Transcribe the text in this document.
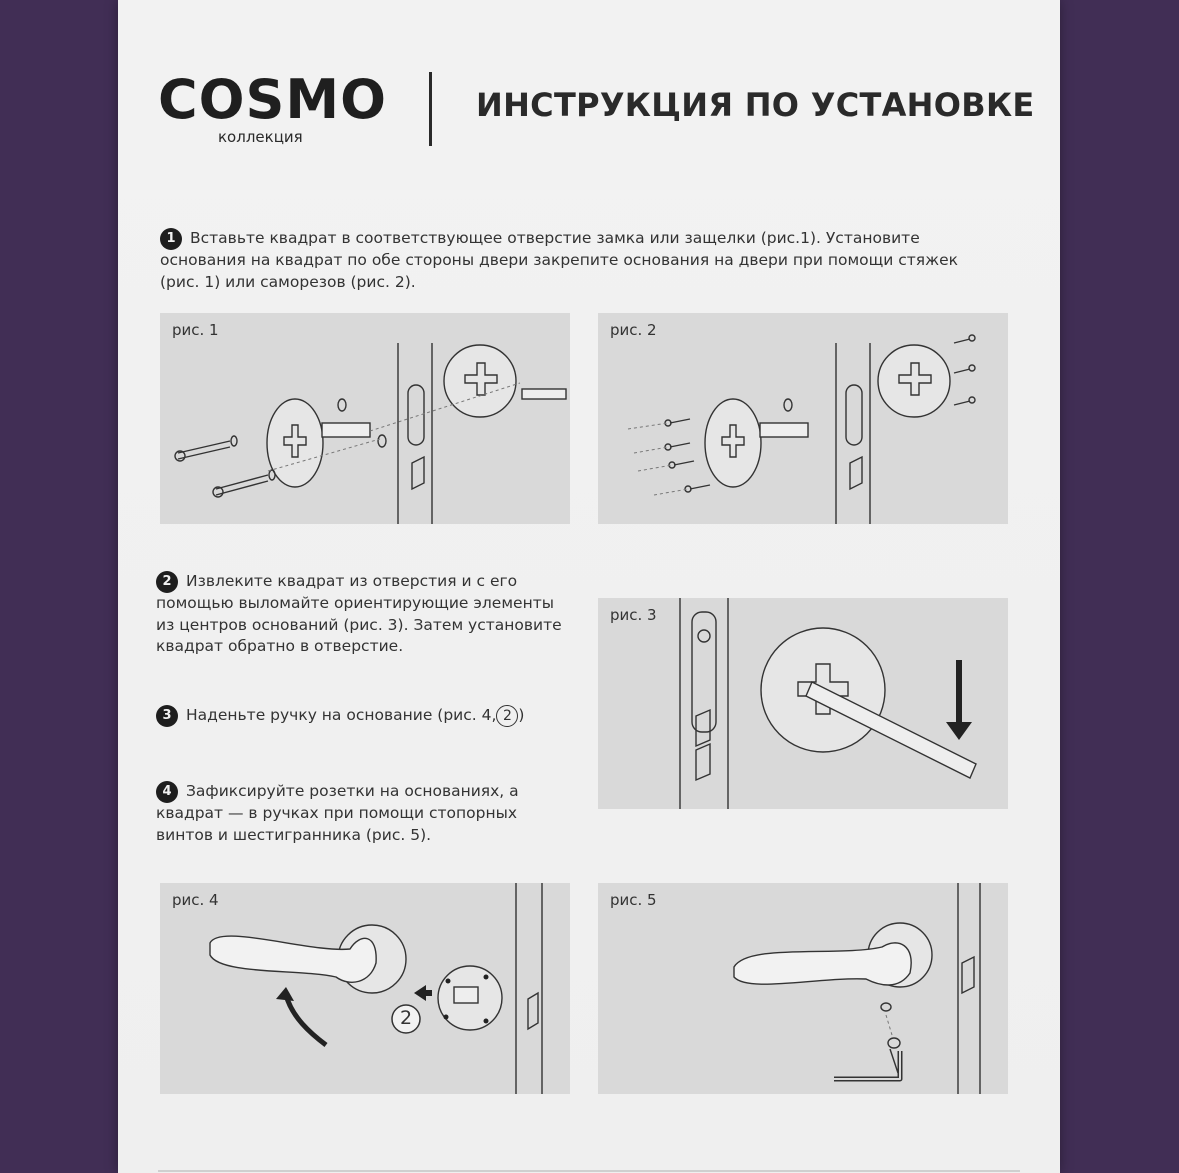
COSMO
коллекция
ИНСТРУКЦИЯ ПО УСТАНОВКЕ
1 Вставьте квадрат в соответствующее отверстие замка или защелки (рис.1). Установите основания на квадрат по обе стороны двери закрепите основания на двери при помощи стяжек (рис. 1) или саморезов (рис. 2).
рис. 1	рис. 2
2 Извлеките квадрат из отверстия и с его помощью выломайте ориентирующие элементы из центров оснований (рис. 3). Затем установите квадрат обратно в отверстие.
3 Наденьте ручку на основание (рис. 4, 2 )
4 Зафиксируйте розетки на основаниях, а квадрат — в ручках при помощи стопорных винтов и шестигранника (рис. 5).
рис. 3
рис. 4
2
рис. 5
